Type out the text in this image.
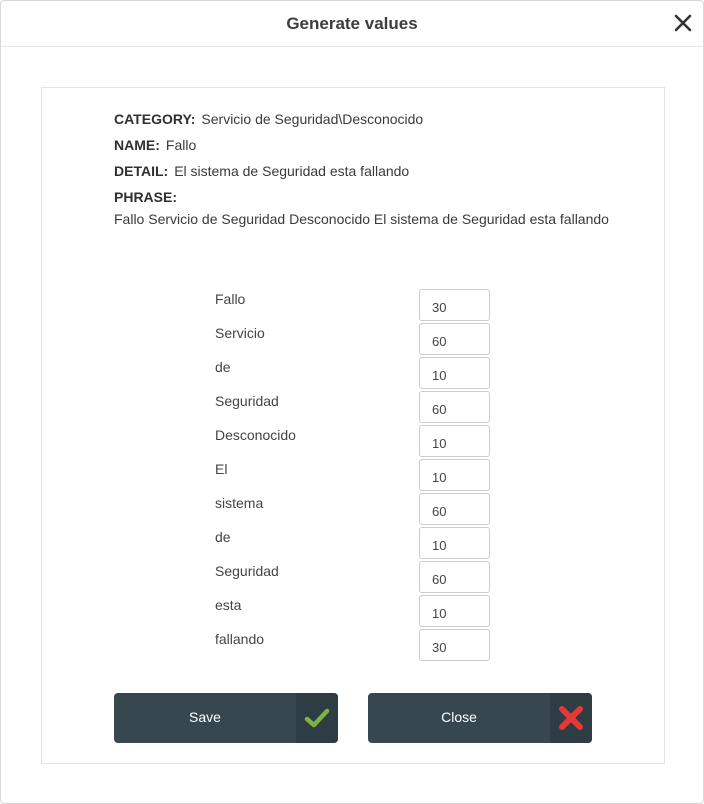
Generate values
CATEGORY: Servicio de Seguridad\Desconocido
NAME: Fallo
DETAIL: El sistema de Seguridad esta fallando
PHRASE:
Fallo Servicio de Seguridad Desconocido El sistema de Seguridad esta fallando
Fallo
30
Servicio
60
de
10
Seguridad
60
Desconocido
10
El
10
sistema
60
de
10
Seguridad
60
esta
10
fallando
30
Save	Close
